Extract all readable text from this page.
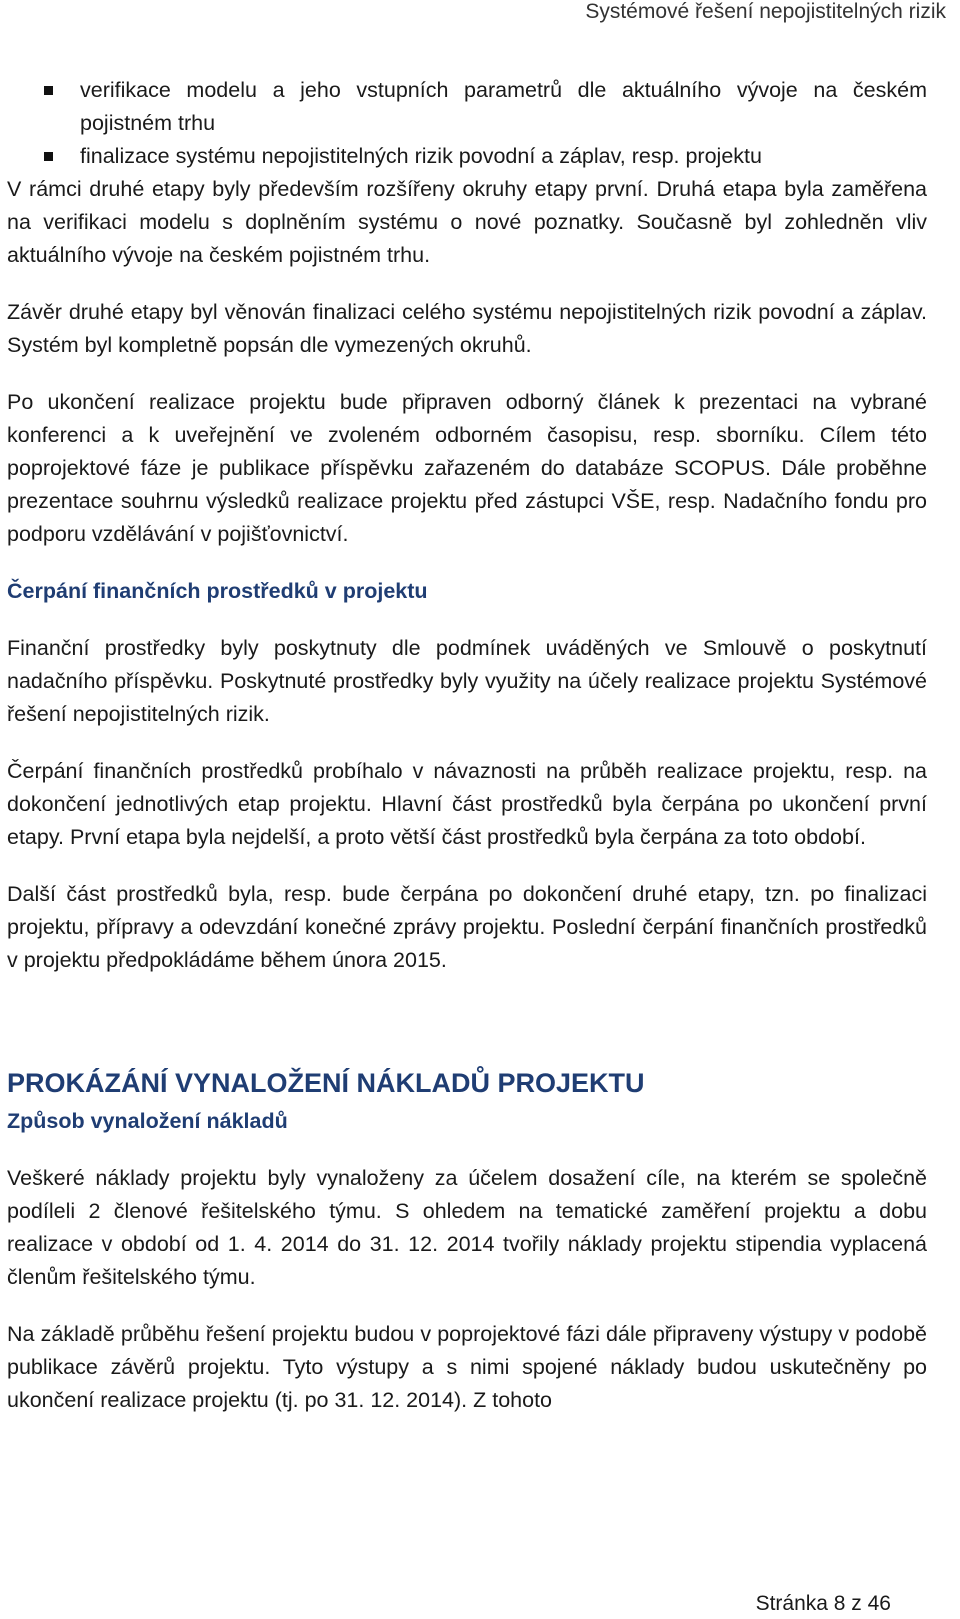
Systémové řešení nepojistitelných rizik
verifikace modelu a jeho vstupních parametrů dle aktuálního vývoje na českém pojistném trhu
finalizace systému nepojistitelných rizik povodní a záplav, resp. projektu

V rámci druhé etapy byly především rozšířeny okruhy etapy první. Druhá etapa byla zaměřena na verifikaci modelu s doplněním systému o nové poznatky. Současně byl zohledněn vliv aktuálního vývoje na českém pojistném trhu.

Závěr druhé etapy byl věnován finalizaci celého systému nepojistitelných rizik povodní a záplav. Systém byl kompletně popsán dle vymezených okruhů.

Po ukončení realizace projektu bude připraven odborný článek k prezentaci na vybrané konferenci a k uveřejnění ve zvoleném odborném časopisu, resp. sborníku. Cílem této poprojektové fáze je publikace příspěvku zařazeném do databáze SCOPUS. Dále proběhne prezentace souhrnu výsledků realizace projektu před zástupci VŠE, resp. Nadačního fondu pro podporu vzdělávání v pojišťovnictví.

Čerpání finančních prostředků v projektu

Finanční prostředky byly poskytnuty dle podmínek uváděných ve Smlouvě o poskytnutí nadačního příspěvku. Poskytnuté prostředky byly využity na účely realizace projektu Systémové řešení nepojistitelných rizik.

Čerpání finančních prostředků probíhalo v návaznosti na průběh realizace projektu, resp. na dokončení jednotlivých etap projektu. Hlavní část prostředků byla čerpána po ukončení první etapy. První etapa byla nejdelší, a proto větší část prostředků byla čerpána za toto období.

Další část prostředků byla, resp. bude čerpána po dokončení druhé etapy, tzn. po finalizaci projektu, přípravy a odevzdání konečné zprávy projektu. Poslední čerpání finančních prostředků v projektu předpokládáme během února 2015.

PROKÁZÁNÍ VYNALOŽENÍ NÁKLADŮ PROJEKTU
Způsob vynaložení nákladů

Veškeré náklady projektu byly vynaloženy za účelem dosažení cíle, na kterém se společně podíleli 2 členové řešitelského týmu. S ohledem na tematické zaměření projektu a dobu realizace v období od 1. 4. 2014 do 31. 12. 2014 tvořily náklady projektu stipendia vyplacená členům řešitelského týmu.

Na základě průběhu řešení projektu budou v poprojektové fázi dále připraveny výstupy v podobě publikace závěrů projektu. Tyto výstupy a s nimi spojené náklady budou uskutečněny po ukončení realizace projektu (tj. po 31. 12. 2014). Z tohoto

Stránka 8 z 46
